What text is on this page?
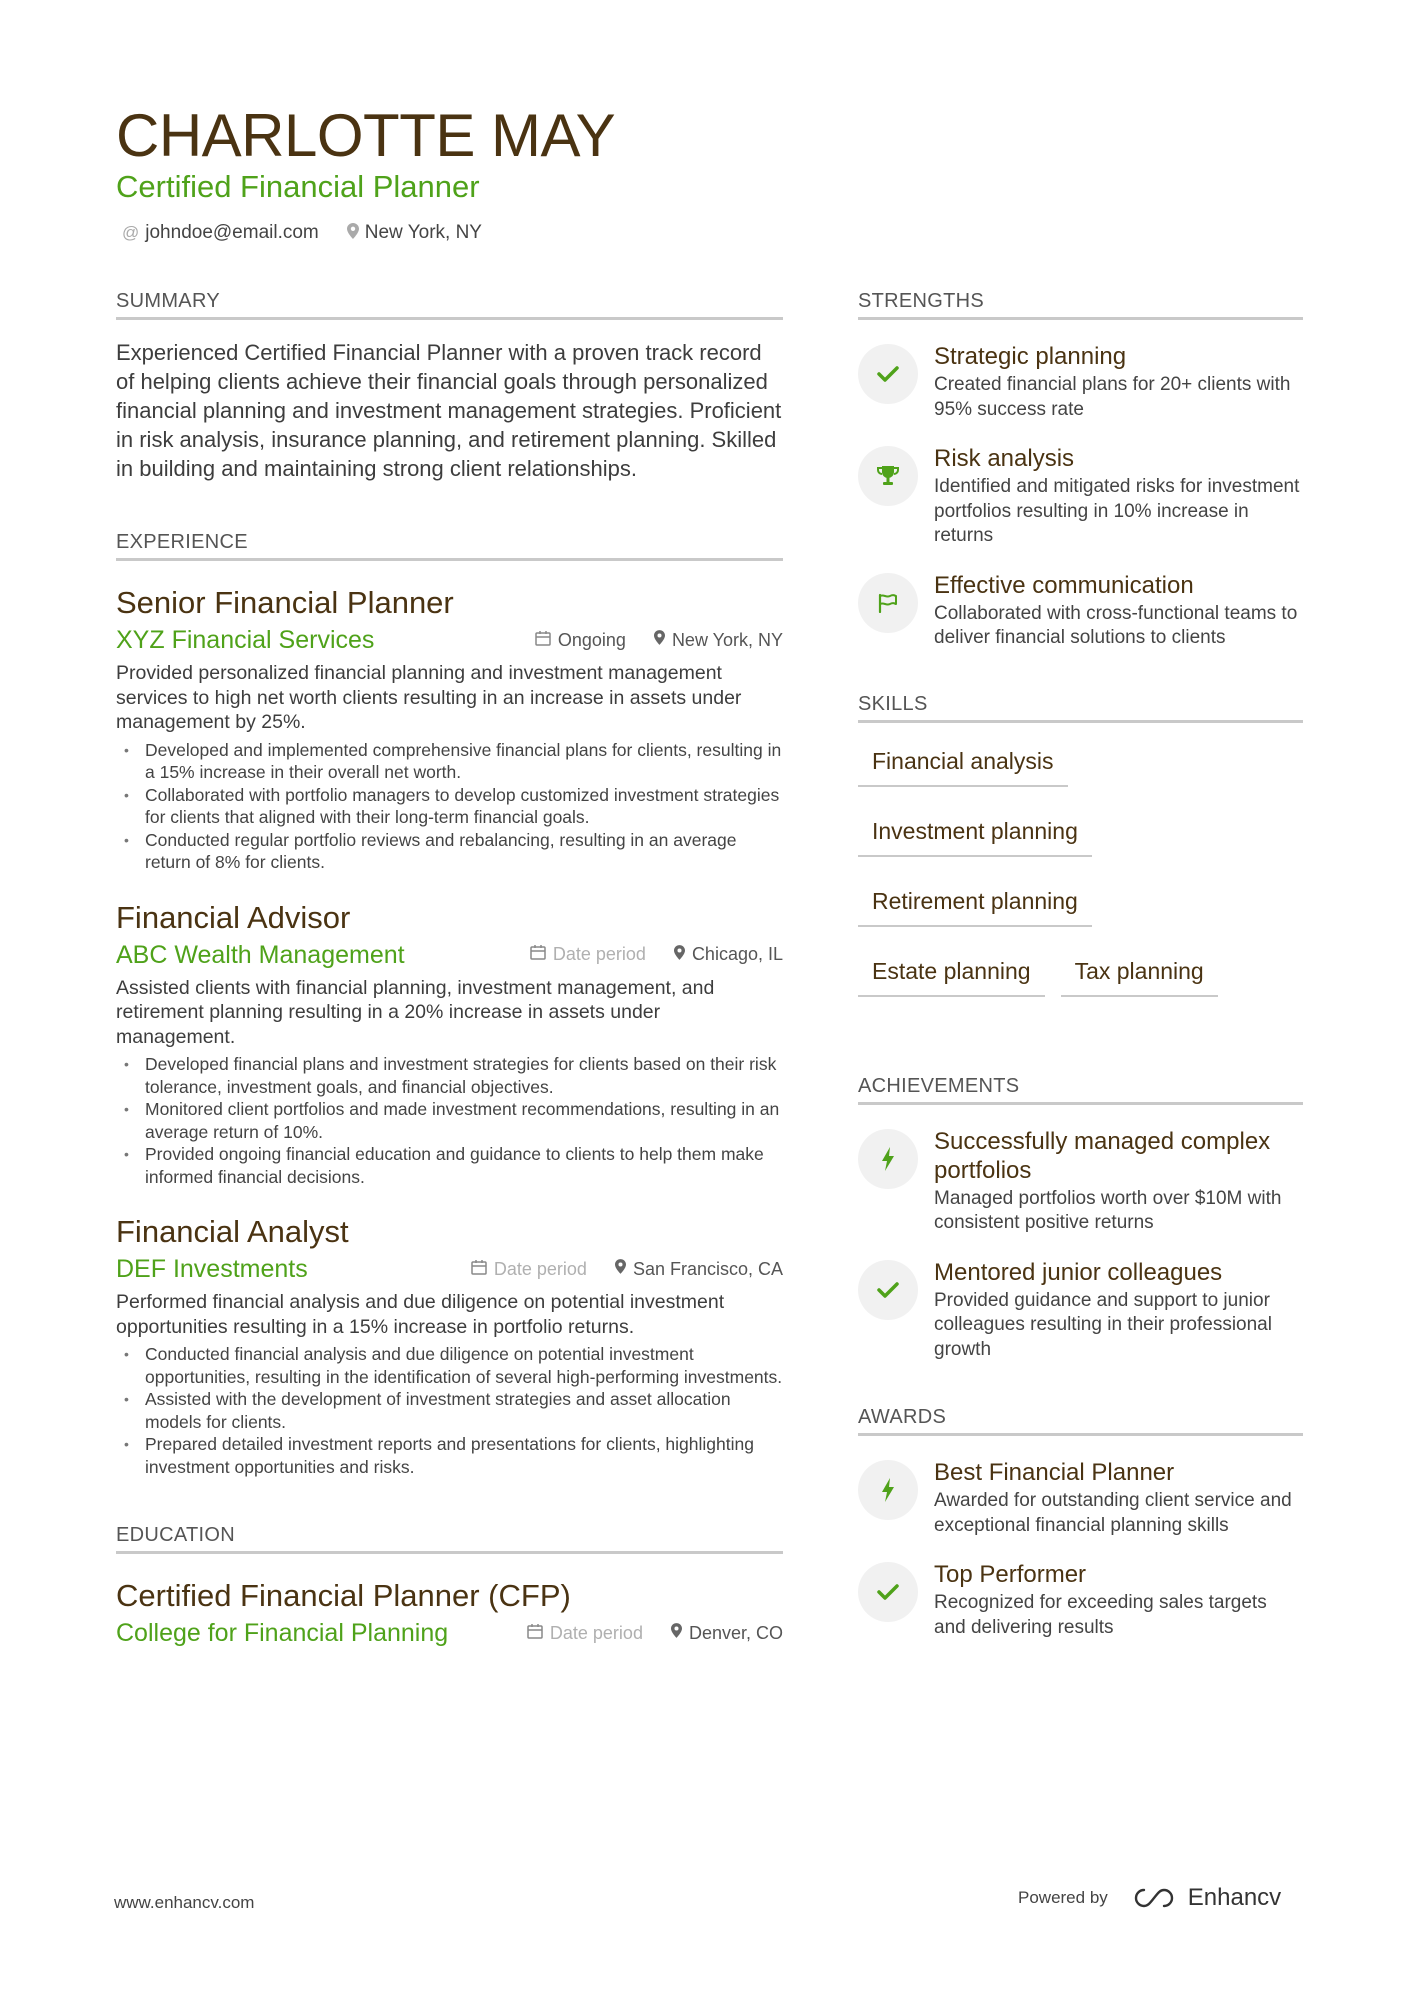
CHARLOTTE MAY
Certified Financial Planner
@ johndoe@email.com New York, NY
SUMMARY
Experienced Certified Financial Planner with a proven track record of helping clients achieve their financial goals through personalized financial planning and investment management strategies. Proficient in risk analysis, insurance planning, and retirement planning. Skilled in building and maintaining strong client relationships.
EXPERIENCE
Senior Financial Planner
XYZ Financial Services	Ongoing	New York, NY
Provided personalized financial planning and investment management services to high net worth clients resulting in an increase in assets under management by 25%.
• Developed and implemented comprehensive financial plans for clients, resulting in a 15% increase in their overall net worth.
• Collaborated with portfolio managers to develop customized investment strategies for clients that aligned with their long-term financial goals.
• Conducted regular portfolio reviews and rebalancing, resulting in an average return of 8% for clients.
Financial Advisor
ABC Wealth Management	Date period	Chicago, IL
Assisted clients with financial planning, investment management, and retirement planning resulting in a 20% increase in assets under management.
• Developed financial plans and investment strategies for clients based on their risk tolerance, investment goals, and financial objectives.
• Monitored client portfolios and made investment recommendations, resulting in an average return of 10%.
• Provided ongoing financial education and guidance to clients to help them make informed financial decisions.
Financial Analyst
DEF Investments	Date period	San Francisco, CA
Performed financial analysis and due diligence on potential investment opportunities resulting in a 15% increase in portfolio returns.
• Conducted financial analysis and due diligence on potential investment opportunities, resulting in the identification of several high-performing investments.
• Assisted with the development of investment strategies and asset allocation models for clients.
• Prepared detailed investment reports and presentations for clients, highlighting investment opportunities and risks.
EDUCATION
Certified Financial Planner (CFP)
College for Financial Planning	Date period	Denver, CO
STRENGTHS
Strategic planning
Created financial plans for 20+ clients with 95% success rate
Risk analysis
Identified and mitigated risks for investment portfolios resulting in 10% increase in returns
Effective communication
Collaborated with cross-functional teams to deliver financial solutions to clients
SKILLS
Financial analysis
Investment planning
Retirement planning
Estate planning	Tax planning
ACHIEVEMENTS
Successfully managed complex portfolios
Managed portfolios worth over $10M with consistent positive returns
Mentored junior colleagues
Provided guidance and support to junior colleagues resulting in their professional growth
AWARDS
Best Financial Planner
Awarded for outstanding client service and exceptional financial planning skills
Top Performer
Recognized for exceeding sales targets and delivering results
www.enhancv.com	Powered by	Enhancv
